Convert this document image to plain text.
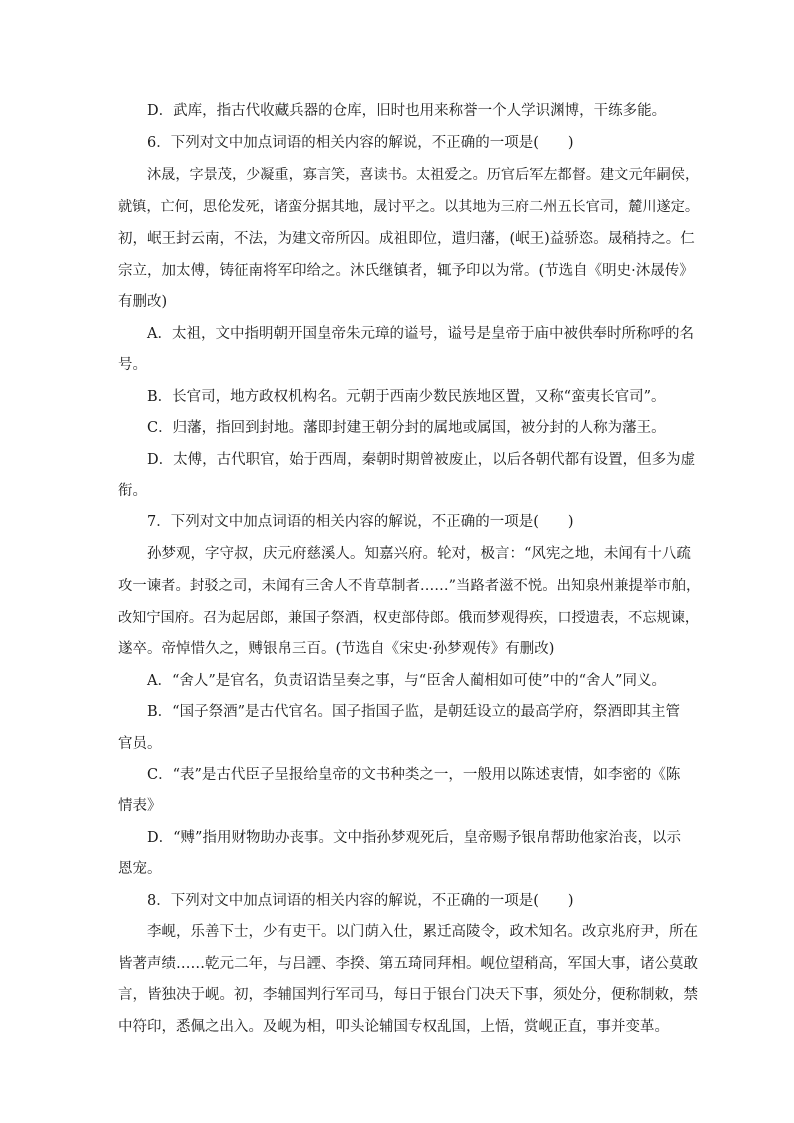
D．武库，指古代收藏兵器的仓库，旧时也用来称誉一个人学识渊博，干练多能。
6．下列对文中加点词语的相关内容的解说，不正确的一项是(　　)
沐晟，字景茂，少凝重，寡言笑，喜读书。太祖爱之。历官后军左都督。建文元年嗣侯，
就镇，亡何，思伦发死，诸蛮分据其地，晟讨平之。以其地为三府二州五长官司，麓川遂定。
初，岷王封云南，不法，为建文帝所囚。成祖即位，遣归藩，(岷王)益骄恣。晟稍持之。仁
宗立，加太傅，铸征南将军印给之。沐氏继镇者，辄予印以为常。(节选自《明史·沐晟传》
有删改)
A．太祖，文中指明朝开国皇帝朱元璋的谥号，谥号是皇帝于庙中被供奉时所称呼的名
号。
B．长官司，地方政权机构名。元朝于西南少数民族地区置，又称“蛮夷长官司”。
C．归藩，指回到封地。藩即封建王朝分封的属地或属国，被分封的人称为藩王。
D．太傅，古代职官，始于西周，秦朝时期曾被废止，以后各朝代都有设置，但多为虚
衔。
7．下列对文中加点词语的相关内容的解说，不正确的一项是(　　)
孙梦观，字守叔，庆元府慈溪人。知嘉兴府。轮对，极言：“风宪之地，未闻有十八疏
攻一谏者。封驳之司，未闻有三舍人不肯草制者……”当路者滋不悦。出知泉州兼提举市舶，
改知宁国府。召为起居郎，兼国子祭酒，权吏部侍郎。俄而梦观得疾，口授遗表，不忘规谏，
遂卒。帝悼惜久之，赙银帛三百。(节选自《宋史·孙梦观传》有删改)
A．“舍人”是官名，负责诏诰呈奏之事，与“臣舍人蔺相如可使”中的“舍人”同义。
B．“国子祭酒”是古代官名。国子指国子监，是朝廷设立的最高学府，祭酒即其主管
官员。
C．“表”是古代臣子呈报给皇帝的文书种类之一，一般用以陈述衷情，如李密的《陈
情表》
D．“赙”指用财物助办丧事。文中指孙梦观死后，皇帝赐予银帛帮助他家治丧，以示
恩宠。
8．下列对文中加点词语的相关内容的解说，不正确的一项是(　　)
李岘，乐善下士，少有吏干。以门荫入仕，累迁高陵令，政术知名。改京兆府尹，所在
皆著声绩……乾元二年，与吕諲、李揆、第五琦同拜相。岘位望稍高，军国大事，诸公莫敢
言，皆独决于岘。初，李辅国判行军司马，每日于银台门决天下事，须处分，便称制敕，禁
中符印，悉佩之出入。及岘为相，叩头论辅国专权乱国，上悟，赏岘正直，事并变革。
